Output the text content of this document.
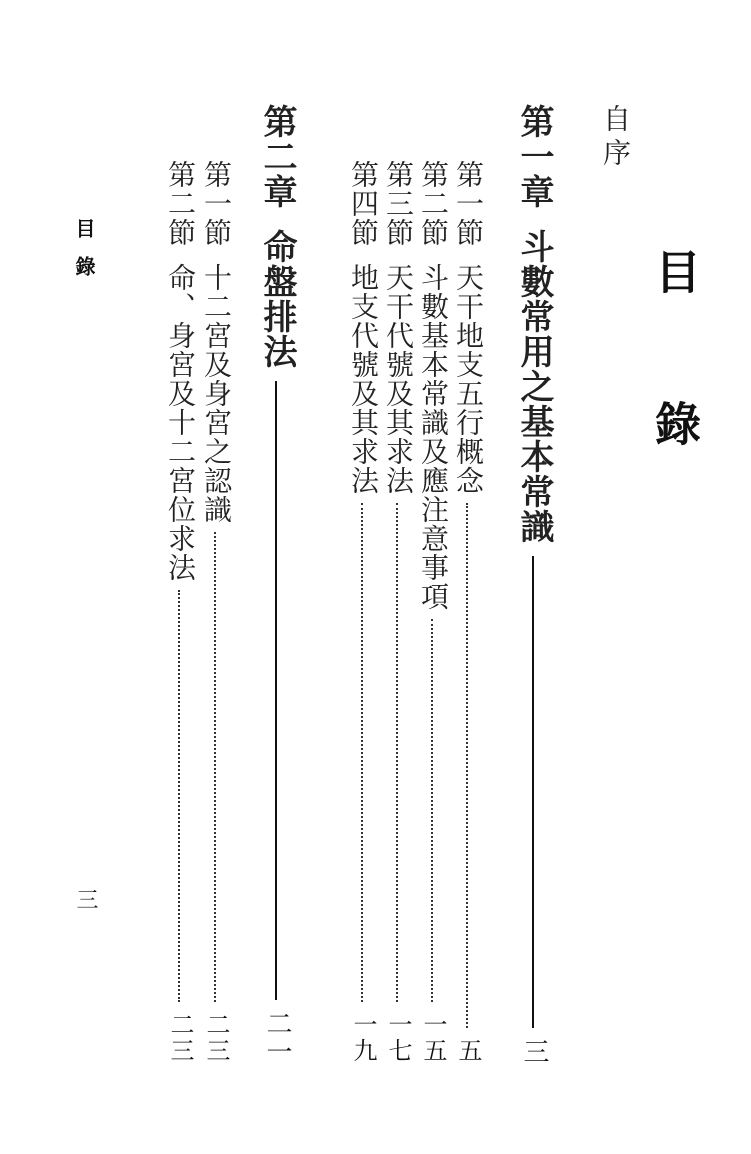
目　錄
自序
第一章
斗數常用之基本常識
三
第一節
天干地支五行概念
五
第二節
斗數基本常識及應注意事項
一五
第三節
天干代號及其求法
一七
第四節
地支代號及其求法
一九
第二章
命盤排法
二一
第一節
十二宮及身宮之認識
二三
第二節
命、身宮及十二宮位求法
二三
目錄
三
